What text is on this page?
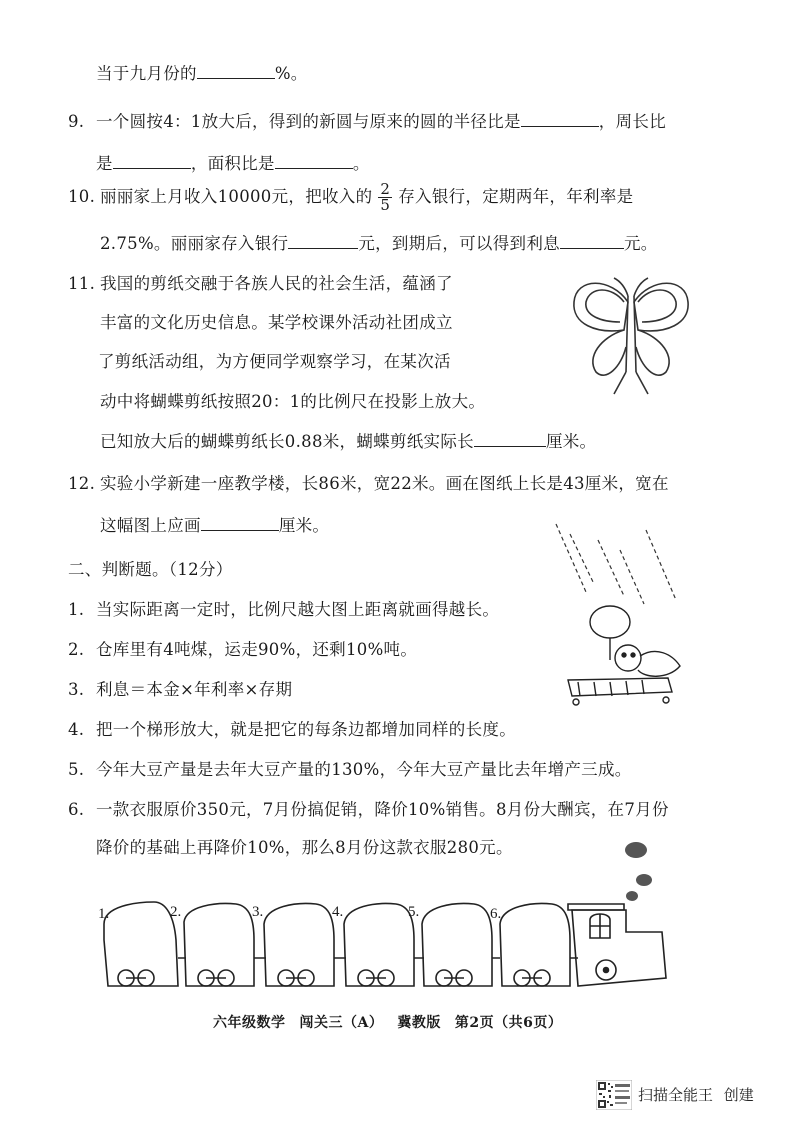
当于九月份的	%。
9. 一个圆按4：1放大后，得到的新圆与原来的圆的半径比是	，周长比
是	，面积比是	。
10. 丽丽家上月收入10000元，把收入的 $\frac{2}{5}$ 存入银行，定期两年，年利率是
2.75%。丽丽家存入银行	元，到期后，可以得到利息	元。
11. 我国的剪纸交融于各族人民的社会生活，蕴涵了
丰富的文化历史信息。某学校课外活动社团成立
了剪纸活动组，为方便同学观察学习，在某次活
动中将蝴蝶剪纸按照20：1的比例尺在投影上放大。
已知放大后的蝴蝶剪纸长0.88米，蝴蝶剪纸实际长	厘米。
12. 实验小学新建一座教学楼，长86米，宽22米。画在图纸上长是43厘米，宽在
这幅图上应画	厘米。
二、判断题。（12分）
1. 当实际距离一定时，比例尺越大图上距离就画得越长。
2. 仓库里有4吨煤，运走90%，还剩10%吨。
3. 利息＝本金×年利率×存期
4. 把一个梯形放大，就是把它的每条边都增加同样的长度。
5. 今年大豆产量是去年大豆产量的130%，今年大豆产量比去年增产三成。
6. 一款衣服原价350元，7月份搞促销，降价10%销售。8月份大酬宾，在7月份
降价的基础上再降价10%，那么8月份这款衣服280元。
1.	2.	3.	4.	5.	6.
六年级数学 闯关三（A） 冀教版 第2页（共6页）
扫描全能王 创建
